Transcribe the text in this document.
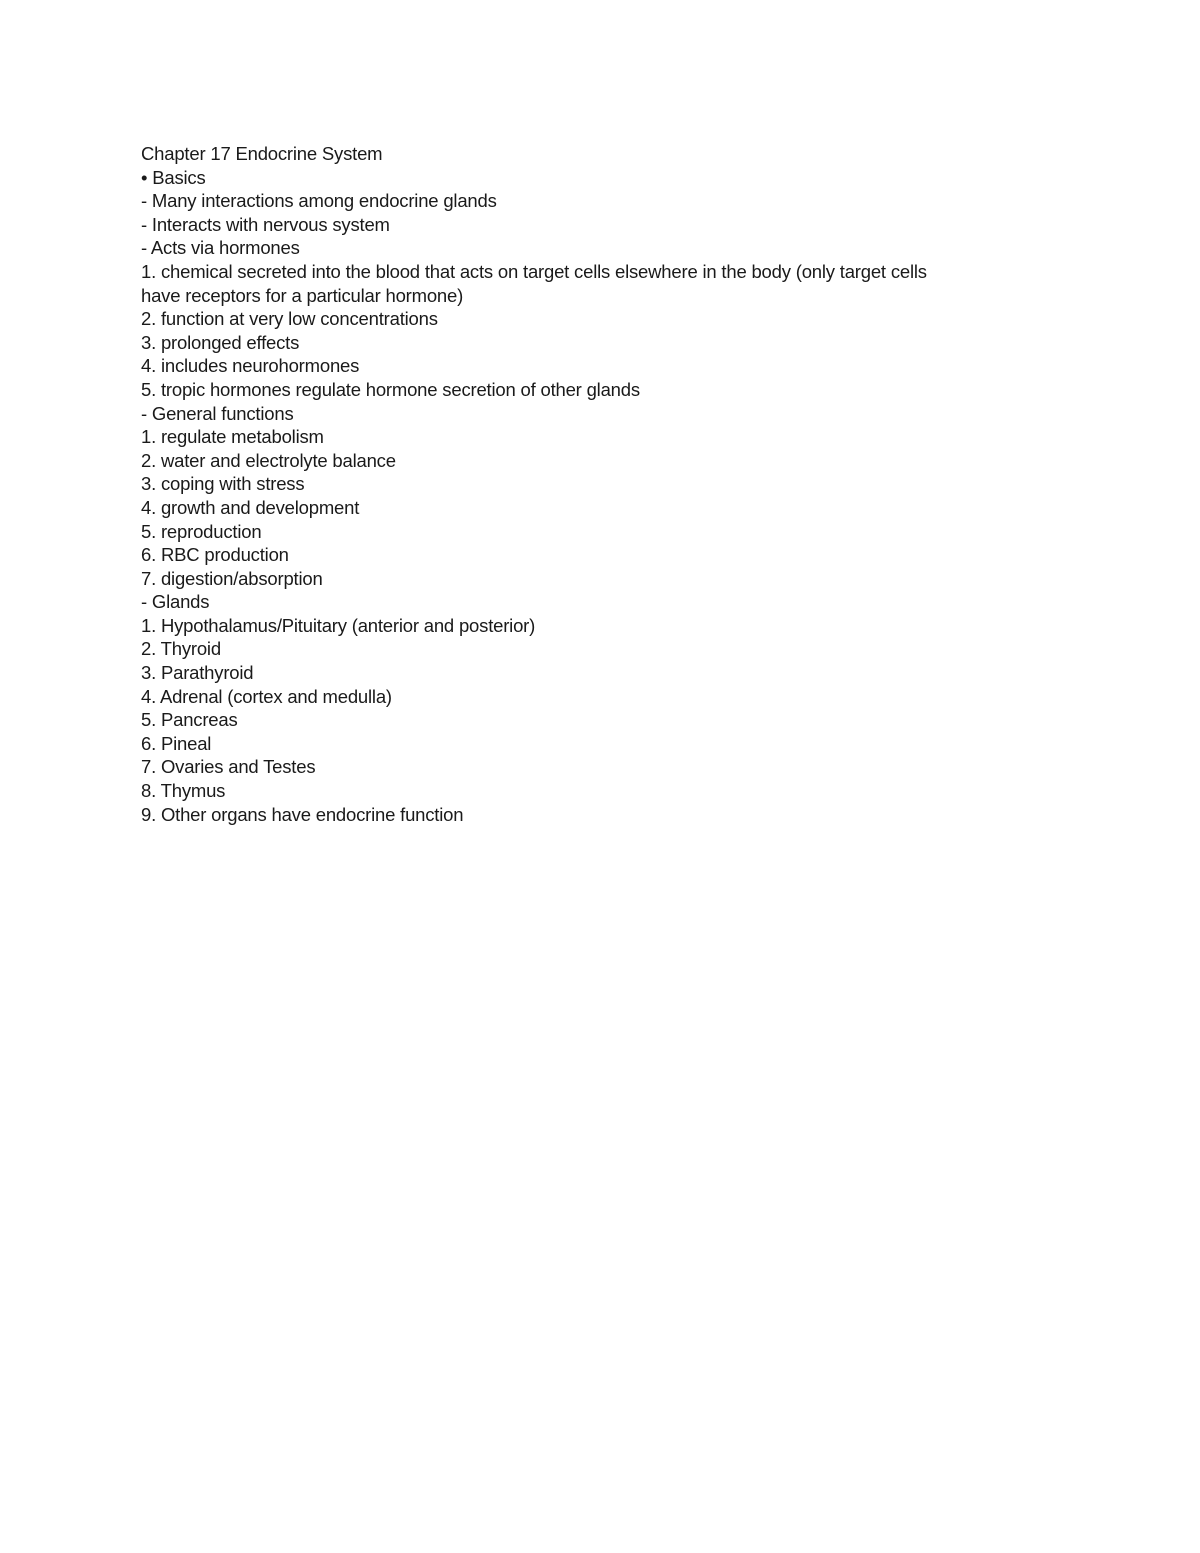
Chapter 17 Endocrine System
• Basics
- Many interactions among endocrine glands
- Interacts with nervous system
- Acts via hormones
1. chemical secreted into the blood that acts on target cells elsewhere in the body (only target cells have receptors for a particular hormone)
2. function at very low concentrations
3. prolonged effects
4. includes neurohormones
5. tropic hormones regulate hormone secretion of other glands
- General functions
1. regulate metabolism
2. water and electrolyte balance
3. coping with stress
4. growth and development
5. reproduction
6. RBC production
7. digestion/absorption
- Glands
1. Hypothalamus/Pituitary (anterior and posterior)
2. Thyroid
3. Parathyroid
4. Adrenal (cortex and medulla)
5. Pancreas
6. Pineal
7. Ovaries and Testes
8. Thymus
9. Other organs have endocrine function
